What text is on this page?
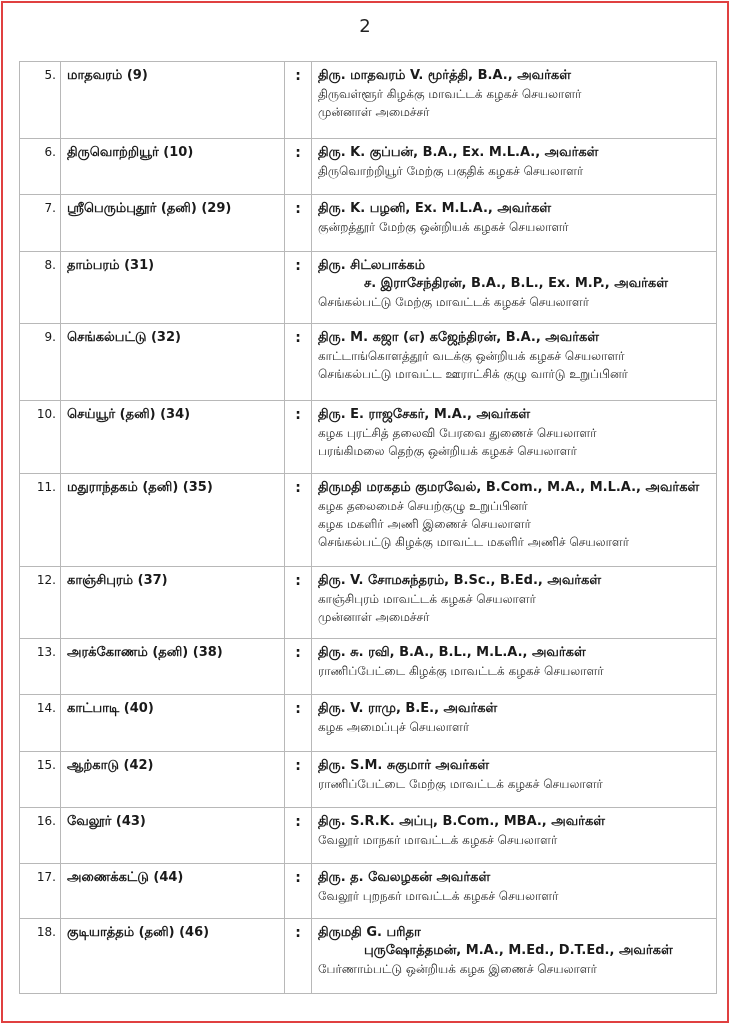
2
5.	மாதவரம் (9)	:	திரு. மாதவரம் V. மூர்த்தி, B.A., அவர்கள்
திருவள்ளூர் கிழக்கு மாவட்டக் கழகச் செயலாளர்
முன்னாள் அமைச்சர்

6.	திருவொற்றியூர் (10)	:	திரு. K. குப்பன், B.A., Ex. M.L.A., அவர்கள்
திருவொற்றியூர் மேற்கு பகுதிக் கழகச் செயலாளர்

7.	ஸ்ரீபெரும்புதூர் (தனி) (29)	:	திரு. K. பழனி, Ex. M.L.A., அவர்கள்
குன்றத்தூர் மேற்கு ஒன்றியக் கழகச் செயலாளர்

8.	தாம்பரம் (31)	:	திரு. சிட்லபாக்கம்
ச. இராசேந்திரன், B.A., B.L., Ex. M.P., அவர்கள்
செங்கல்பட்டு மேற்கு மாவட்டக் கழகச் செயலாளர்

9.	செங்கல்பட்டு (32)	:	திரு. M. கஜா (எ) கஜேந்திரன், B.A., அவர்கள்
காட்டாங்கொளத்தூர் வடக்கு ஒன்றியக் கழகச் செயலாளர்
செங்கல்பட்டு மாவட்ட ஊராட்சிக் குழு வார்டு உறுப்பினர்

10.	செய்யூர் (தனி) (34)	:	திரு. E. ராஜசேகர், M.A., அவர்கள்
கழக புரட்சித் தலைவி பேரவை துணைச் செயலாளர்
பரங்கிமலை தெற்கு ஒன்றியக் கழகச் செயலாளர்

11.	மதுராந்தகம் (தனி) (35)	:	திருமதி மரகதம் குமரவேல், B.Com., M.A., M.L.A., அவர்கள்
கழக தலைமைச் செயற்குழு உறுப்பினர்
கழக மகளிர் அணி இணைச் செயலாளர்
செங்கல்பட்டு கிழக்கு மாவட்ட மகளிர் அணிச் செயலாளர்

12.	காஞ்சிபுரம் (37)	:	திரு. V. சோமசுந்தரம், B.Sc., B.Ed., அவர்கள்
காஞ்சிபுரம் மாவட்டக் கழகச் செயலாளர்
முன்னாள் அமைச்சர்

13.	அரக்கோணம் (தனி) (38)	:	திரு. சு. ரவி, B.A., B.L., M.L.A., அவர்கள்
ராணிப்பேட்டை கிழக்கு மாவட்டக் கழகச் செயலாளர்

14.	காட்பாடி (40)	:	திரு. V. ராமு, B.E., அவர்கள்
கழக அமைப்புச் செயலாளர்

15.	ஆற்காடு (42)	:	திரு. S.M. சுகுமார் அவர்கள்
ராணிப்பேட்டை மேற்கு மாவட்டக் கழகச் செயலாளர்

16.	வேலூர் (43)	:	திரு. S.R.K. அப்பு, B.Com., MBA., அவர்கள்
வேலூர் மாநகர் மாவட்டக் கழகச் செயலாளர்

17.	அணைக்கட்டு (44)	:	திரு. த. வேலழகன் அவர்கள்
வேலூர் புறநகர் மாவட்டக் கழகச் செயலாளர்

18.	குடியாத்தம் (தனி) (46)	:	திருமதி G. பரிதா
புருஷோத்தமன், M.A., M.Ed., D.T.Ed., அவர்கள்
பேர்ணாம்பட்டு ஒன்றியக் கழக இணைச் செயலாளர்
